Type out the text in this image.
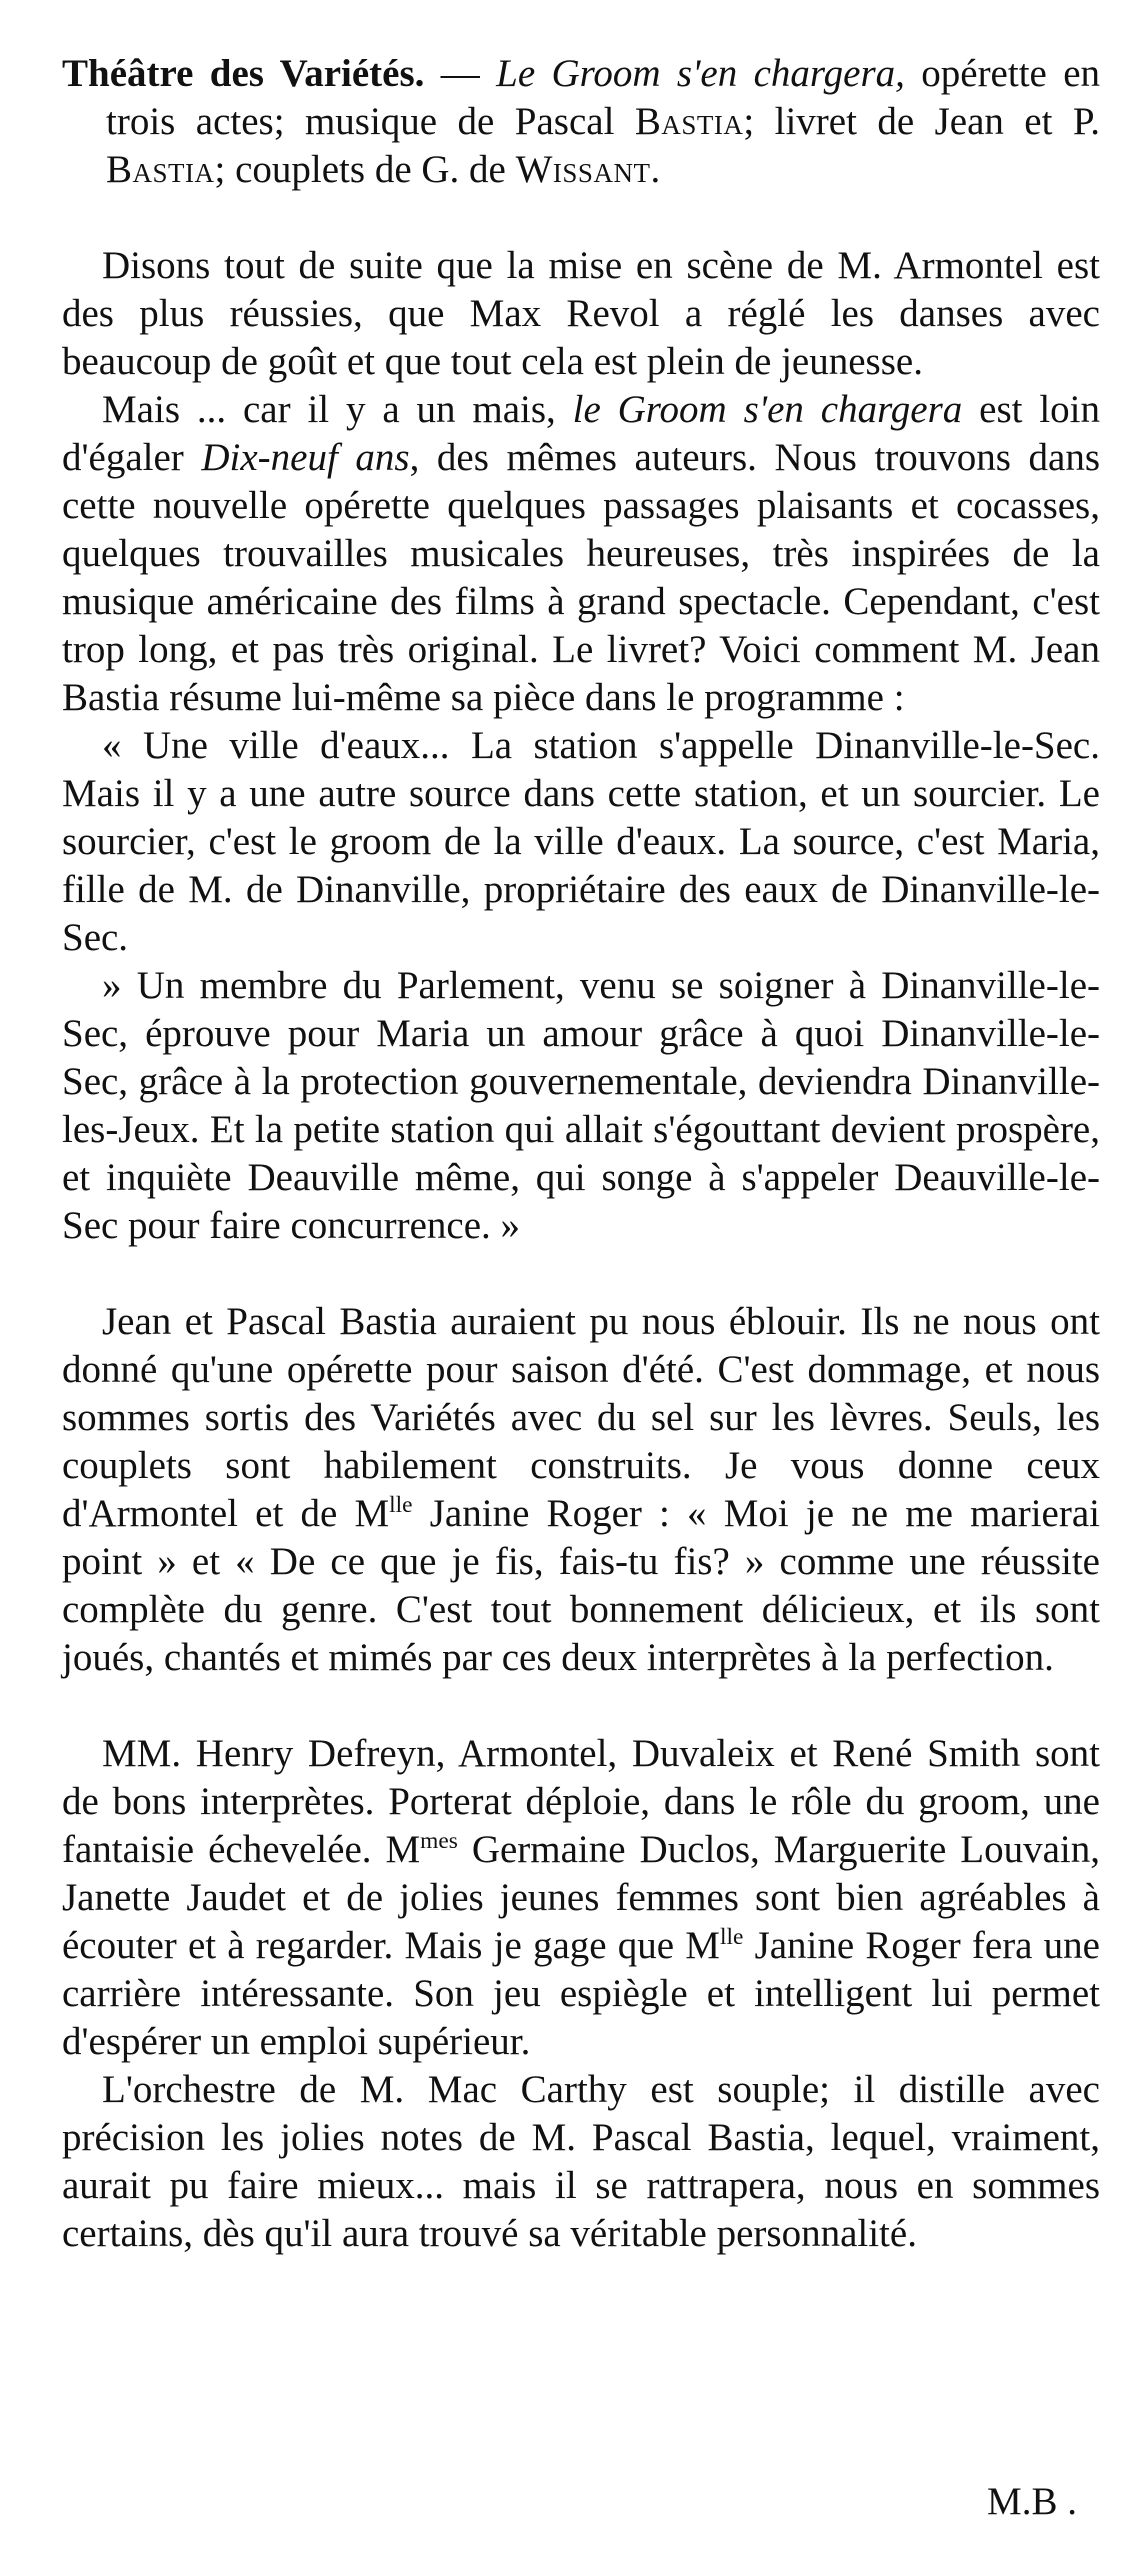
Théâtre des Variétés. — Le Groom s'en chargera, opérette en trois actes; musique de Pascal Bastia; livret de Jean et P. Bastia; couplets de G. de Wissant.

Disons tout de suite que la mise en scène de M. Armontel est des plus réussies, que Max Revol a réglé les danses avec beaucoup de goût et que tout cela est plein de jeunesse.

Mais ... car il y a un mais, le Groom s'en chargera est loin d'égaler Dix-neuf ans, des mêmes auteurs. Nous trouvons dans cette nouvelle opérette quelques passages plaisants et cocasses, quelques trouvailles musicales heureuses, très inspirées de la musique américaine des films à grand spectacle. Cependant, c'est trop long, et pas très original. Le livret? Voici comment M. Jean Bastia résume lui-même sa pièce dans le programme :

« Une ville d'eaux... La station s'appelle Dinanville-le-Sec. Mais il y a une autre source dans cette station, et un sourcier. Le sourcier, c'est le groom de la ville d'eaux. La source, c'est Maria, fille de M. de Dinanville, propriétaire des eaux de Dinanville-le-Sec.

» Un membre du Parlement, venu se soigner à Dinanville-le-Sec, éprouve pour Maria un amour grâce à quoi Dinanville-le-Sec, grâce à la protection gouvernementale, deviendra Dinanville-les-Jeux. Et la petite station qui allait s'égouttant devient prospère, et inquiète Deauville même, qui songe à s'appeler Deauville-le-Sec pour faire concurrence. »

Jean et Pascal Bastia auraient pu nous éblouir. Ils ne nous ont donné qu'une opérette pour saison d'été. C'est dommage, et nous sommes sortis des Variétés avec du sel sur les lèvres. Seuls, les couplets sont habilement construits. Je vous donne ceux d'Armontel et de $M^{lle}$ Janine Roger : « Moi je ne me marierai point » et « De ce que je fis, fais-tu fis? » comme une réussite complète du genre. C'est tout bonnement délicieux, et ils sont joués, chantés et mimés par ces deux interprètes à la perfection.

MM. Henry Defreyn, Armontel, Duvaleix et René Smith sont de bons interprètes. Porterat déploie, dans le rôle du groom, une fantaisie échevelée. $M^{mes}$ Germaine Duclos, Marguerite Louvain, Janette Jaudet et de jolies jeunes femmes sont bien agréables à écouter et à regarder. Mais je gage que $M^{lle}$ Janine Roger fera une carrière intéressante. Son jeu espiègle et intelligent lui permet d'espérer un emploi supérieur.

L'orchestre de M. Mac Carthy est souple; il distille avec précision les jolies notes de M. Pascal Bastia, lequel, vraiment, aurait pu faire mieux... mais il se rattrapera, nous en sommes certains, dès qu'il aura trouvé sa véritable personnalité.

M.B .
